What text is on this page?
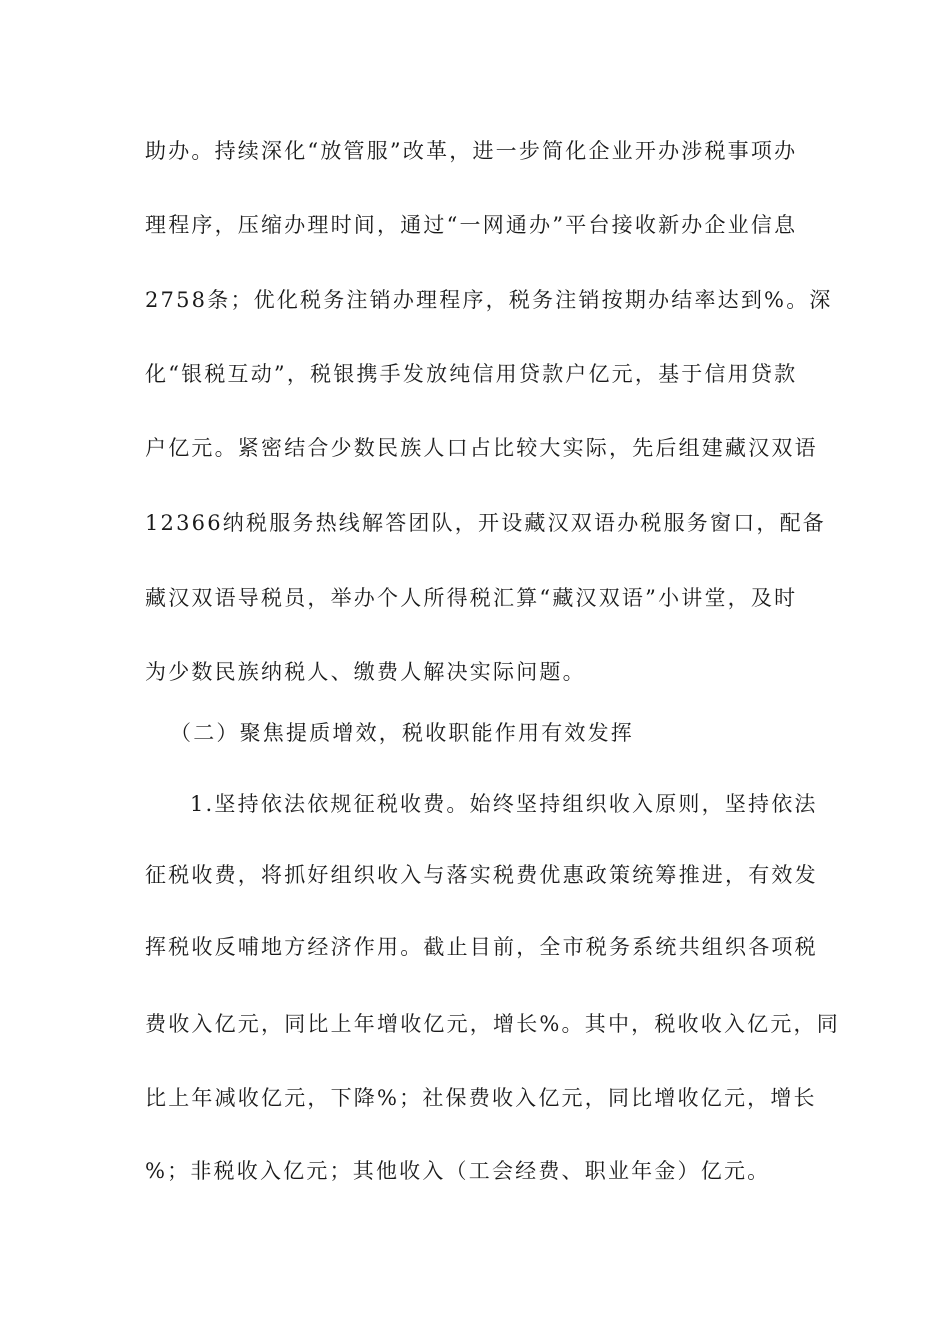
助办。持续深化“放管服”改革，进一步简化企业开办涉税事项办
理程序，压缩办理时间，通过“一网通办”平台接收新办企业信息
2758条；优化税务注销办理程序，税务注销按期办结率达到%。深
化“银税互动”，税银携手发放纯信用贷款户亿元，基于信用贷款
户亿元。紧密结合少数民族人口占比较大实际，先后组建藏汉双语
12366纳税服务热线解答团队，开设藏汉双语办税服务窗口，配备
藏汉双语导税员，举办个人所得税汇算“藏汉双语”小讲堂，及时
为少数民族纳税人、缴费人解决实际问题。
（二）聚焦提质增效，税收职能作用有效发挥
1.坚持依法依规征税收费。始终坚持组织收入原则，坚持依法
征税收费，将抓好组织收入与落实税费优惠政策统筹推进，有效发
挥税收反哺地方经济作用。截止目前，全市税务系统共组织各项税
费收入亿元，同比上年增收亿元，增长%。其中，税收收入亿元，同
比上年减收亿元，下降%；社保费收入亿元，同比增收亿元，增长
%；非税收入亿元；其他收入（工会经费、职业年金）亿元。
